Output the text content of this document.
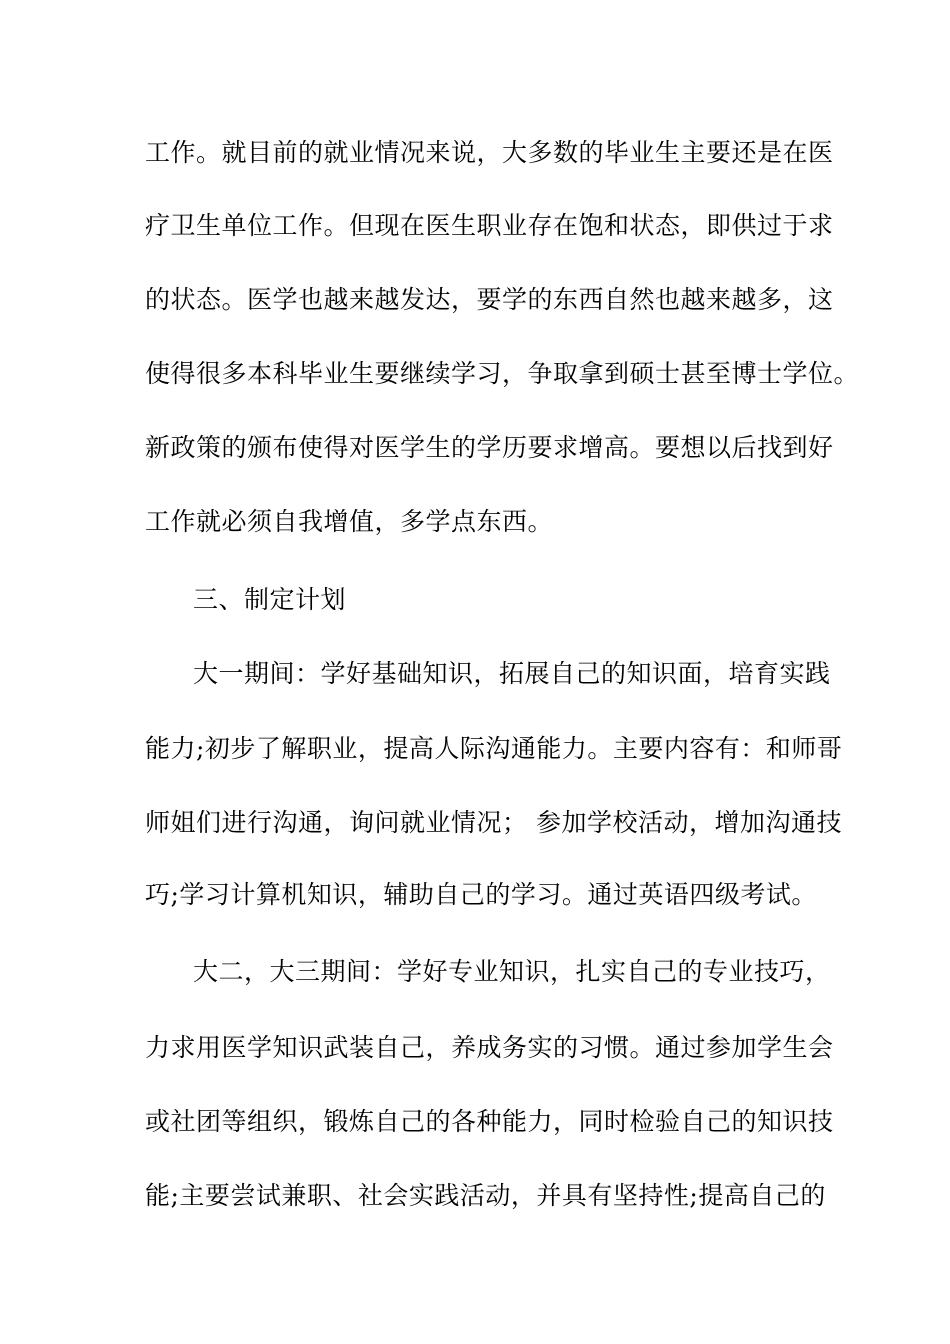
工作。就目前的就业情况来说，大多数的毕业生主要还是在医
疗卫生单位工作。但现在医生职业存在饱和状态，即供过于求
的状态。医学也越来越发达，要学的东西自然也越来越多，这
使得很多本科毕业生要继续学习，争取拿到硕士甚至博士学位。
新政策的颁布使得对医学生的学历要求增高。要想以后找到好
工作就必须自我增值，多学点东西。
三、制定计划
大一期间：学好基础知识，拓展自己的知识面，培育实践
能力;初步了解职业，提高人际沟通能力。主要内容有：和师哥
师姐们进行沟通，询问就业情况； 参加学校活动，增加沟通技
巧;学习计算机知识，辅助自己的学习。通过英语四级考试。
大二，大三期间：学好专业知识，扎实自己的专业技巧，
力求用医学知识武装自己，养成务实的习惯。通过参加学生会
或社团等组织，锻炼自己的各种能力，同时检验自己的知识技
能;主要尝试兼职、社会实践活动，并具有坚持性;提高自己的
